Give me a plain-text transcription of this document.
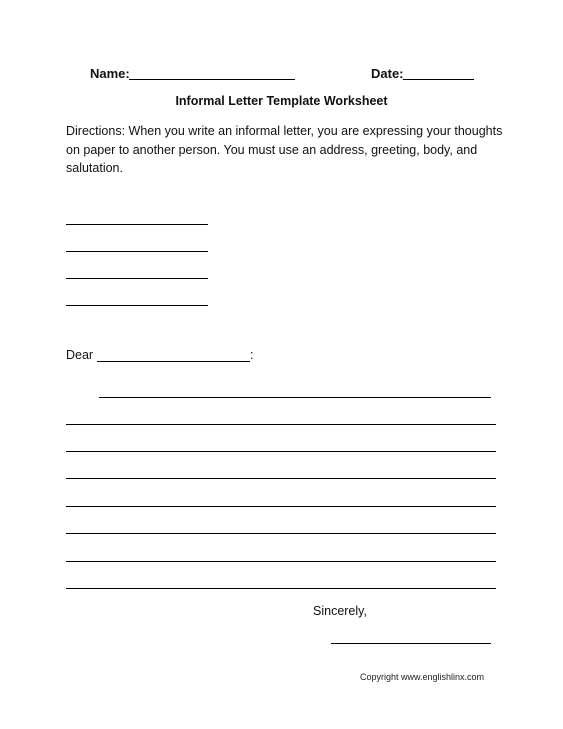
Name:	Date:
Informal Letter Template Worksheet
Directions: When you write an informal letter, you are expressing your thoughts on paper to another person. You must use an address, greeting, body, and salutation.
Dear	:
Sincerely,
Copyright www.englishlinx.com
